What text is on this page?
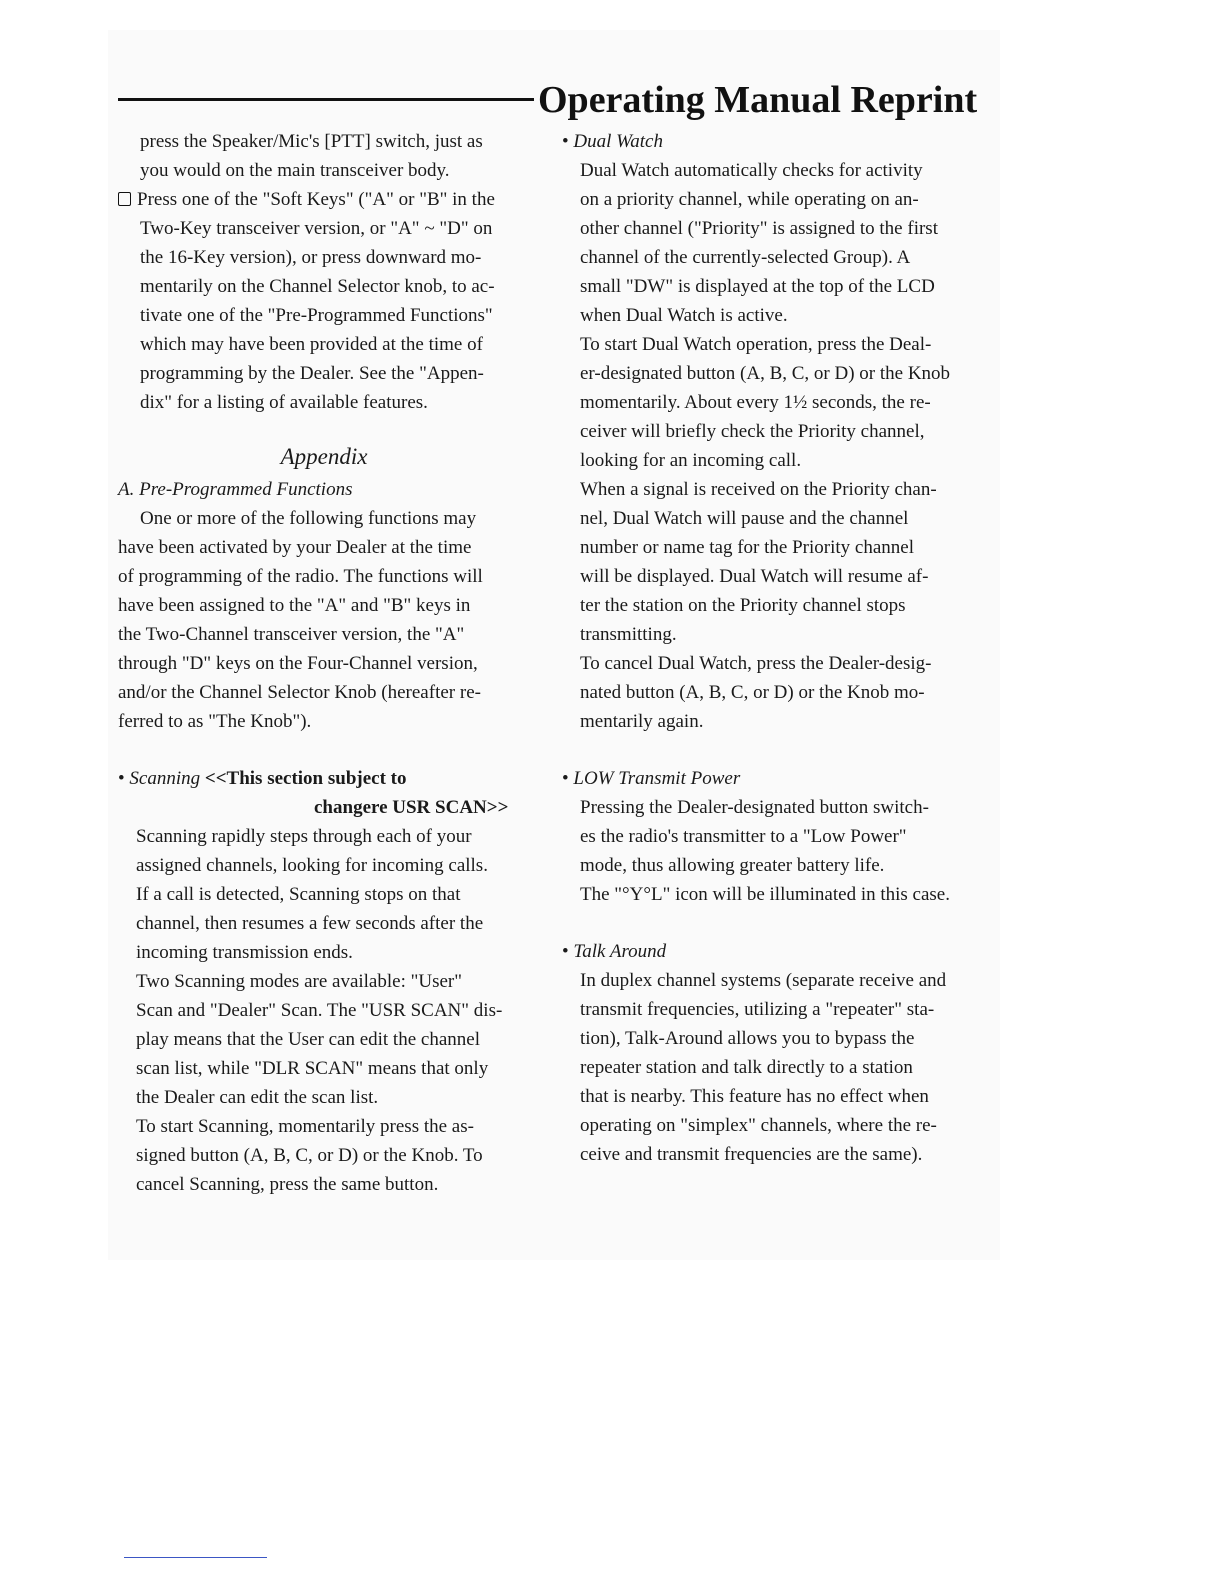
Operating Manual Reprint

press the Speaker/Mic's [PTT] switch, just as
you would on the main transceiver body.

Press one of the "Soft Keys" ("A" or "B" in the
Two-Key transceiver version, or "A" ~ "D" on
the 16-Key version), or press downward mo-
mentarily on the Channel Selector knob, to ac-
tivate one of the "Pre-Programmed Functions"
which may have been provided at the time of
programming by the Dealer. See the "Appen-
dix" for a listing of available features.

Appendix

A. Pre-Programmed Functions

One or more of the following functions may
have been activated by your Dealer at the time
of programming of the radio. The functions will
have been assigned to the "A" and "B" keys in
the Two-Channel transceiver version, the "A"
through "D" keys on the Four-Channel version,
and/or the Channel Selector Knob (hereafter re-
ferred to as "The Knob").

• Scanning <<This section subject to
changere USR SCAN>>

Scanning rapidly steps through each of your
assigned channels, looking for incoming calls.
If a call is detected, Scanning stops on that
channel, then resumes a few seconds after the
incoming transmission ends.

Two Scanning modes are available: "User"
Scan and "Dealer" Scan. The "USR SCAN" dis-
play means that the User can edit the channel
scan list, while "DLR SCAN" means that only
the Dealer can edit the scan list.

To start Scanning, momentarily press the as-
signed button (A, B, C, or D) or the Knob. To
cancel Scanning, press the same button.

• Dual Watch

Dual Watch automatically checks for activity
on a priority channel, while operating on an-
other channel ("Priority" is assigned to the first
channel of the currently-selected Group). A
small "DW" is displayed at the top of the LCD
when Dual Watch is active.

To start Dual Watch operation, press the Deal-
er-designated button (A, B, C, or D) or the Knob
momentarily. About every 1½ seconds, the re-
ceiver will briefly check the Priority channel,
looking for an incoming call.

When a signal is received on the Priority chan-
nel, Dual Watch will pause and the channel
number or name tag for the Priority channel
will be displayed. Dual Watch will resume af-
ter the station on the Priority channel stops
transmitting.

To cancel Dual Watch, press the Dealer-desig-
nated button (A, B, C, or D) or the Knob mo-
mentarily again.

• LOW Transmit Power

Pressing the Dealer-designated button switch-
es the radio's transmitter to a "Low Power"
mode, thus allowing greater battery life.
The "°Y°L" icon will be illuminated in this case.

• Talk Around

In duplex channel systems (separate receive and
transmit frequencies, utilizing a "repeater" sta-
tion), Talk-Around allows you to bypass the
repeater station and talk directly to a station
that is nearby. This feature has no effect when
operating on "simplex" channels, where the re-
ceive and transmit frequencies are the same).
